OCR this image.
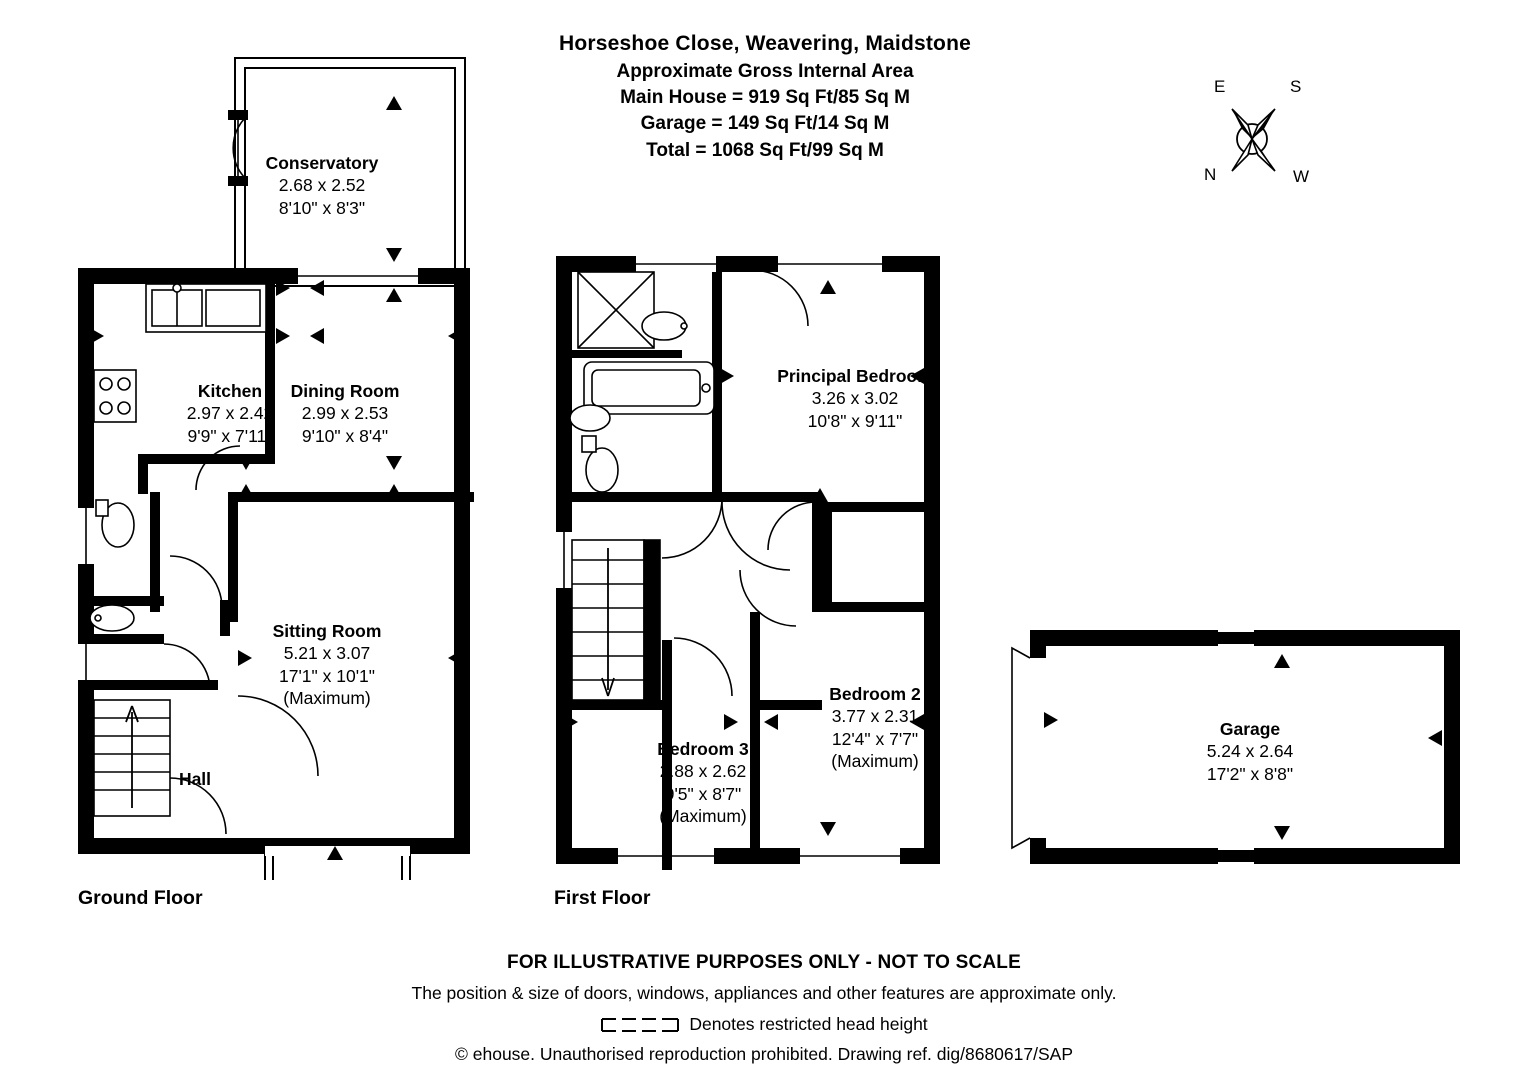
Horseshoe Close, Weavering, Maidstone
Approximate Gross Internal Area
Main House = 919 Sq Ft/85 Sq M
Garage = 149 Sq Ft/14 Sq M
Total = 1068 Sq Ft/99 Sq M
E	S
N	W
Kitchen
2.97 x 2.42
9'9" x 7'11"
Dining Room
2.99 x 2.53
9'10" x 8'4"
Sitting Room
5.21 x 3.07
17'1" x 10'1"
(Maximum)
Hall
Conservatory
2.68 x 2.52
8'10" x 8'3"
Ground Floor
Principal Bedroom
3.26 x 3.02
10'8" x 9'11"
Bedroom 2
3.77 x 2.31
12'4" x 7'7"
(Maximum)
Bedroom 3
2.88 x 2.62
9'5" x 8'7"
(Maximum)
First Floor
Garage
5.24 x 2.64
17'2" x 8'8"
FOR ILLUSTRATIVE PURPOSES ONLY - NOT TO SCALE
The position & size of doors, windows, appliances and other features are approximate only.
Denotes restricted head height
© ehouse. Unauthorised reproduction prohibited. Drawing ref. dig/8680617/SAP
